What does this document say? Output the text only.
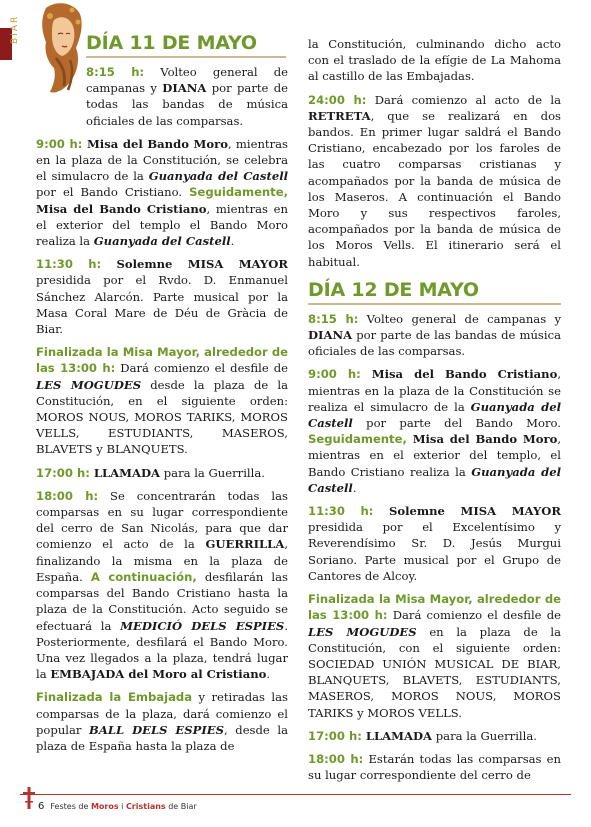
BIAR	DÍA 11 DE MAYO

8:15 h: Volteo general de campanas y DIANA por parte de todas las bandas de música oficiales de las comparsas.

9:00 h: Misa del Bando Moro, mientras en la plaza de la Constitución, se celebra el simulacro de la Guanyada del Castell por el Bando Cristiano. Seguidamente, Misa del Bando Cristiano, mientras en el exterior del templo el Bando Moro realiza la Guanyada del Castell.

11:30 h: Solemne MISA MAYOR presidida por el Rvdo. D. Enmanuel Sánchez Alarcón. Parte musical por la Masa Coral Mare de Déu de Gràcia de Biar.

Finalizada la Misa Mayor, alrededor de las 13:00 h: Dará comienzo el desfile de LES MOGUDES desde la plaza de la Constitución, en el siguiente orden: MOROS NOUS, MOROS TARIKS, MOROS VELLS, ESTUDIANTS, MASEROS, BLAVETS y BLANQUETS.

17:00 h: LLAMADA para la Guerrilla.

18:00 h: Se concentrarán todas las comparsas en su lugar correspondiente del cerro de San Nicolás, para que dar comienzo el acto de la GUERRILLA, finalizando la misma en la plaza de España. A continuación, desfilarán las comparsas del Bando Cristiano hasta la plaza de la Constitución. Acto seguido se efectuará la MEDICIÓ DELS ESPIES. Posteriormente, desfilará el Bando Moro. Una vez llegados a la plaza, tendrá lugar la EMBAJADA del Moro al Cristiano.

Finalizada la Embajada y retiradas las comparsas de la plaza, dará comienzo el popular BALL DELS ESPIES, desde la plaza de España hasta la plaza de

la Constitución, culminando dicho acto con el traslado de la efígie de La Mahoma al castillo de las Embajadas.

24:00 h: Dará comienzo al acto de la RETRETA, que se realizará en dos bandos. En primer lugar saldrá el Bando Cristiano, encabezado por los faroles de las cuatro comparsas cristianas y acompañados por la banda de música de los Maseros. A continuación el Bando Moro y sus respectivos faroles, acompañados por la banda de música de los Moros Vells. El itinerario será el habitual.

DÍA 12 DE MAYO

8:15 h: Volteo general de campanas y DIANA por parte de las bandas de música oficiales de las comparsas.

9:00 h: Misa del Bando Cristiano, mientras en la plaza de la Constitución se realiza el simulacro de la Guanyada del Castell por parte del Bando Moro. Seguidamente, Misa del Bando Moro, mientras en el exterior del templo, el Bando Cristiano realiza la Guanyada del Castell.

11:30 h: Solemne MISA MAYOR presidida por el Excelentísimo y Reverendísimo Sr. D. Jesús Murgui Soriano. Parte musical por el Grupo de Cantores de Alcoy.

Finalizada la Misa Mayor, alrededor de las 13:00 h: Dará comienzo el desfile de LES MOGUDES en la plaza de la Constitución, con el siguiente orden: SOCIEDAD UNIÓN MUSICAL DE BIAR, BLANQUETS, BLAVETS, ESTUDIANTS, MASEROS, MOROS NOUS, MOROS TARIKS y MOROS VELLS.

17:00 h: LLAMADA para la Guerrilla.

18:00 h: Estarán todas las comparsas en su lugar correspondiente del cerro de

6 Festes de Moros i Cristians de Biar
